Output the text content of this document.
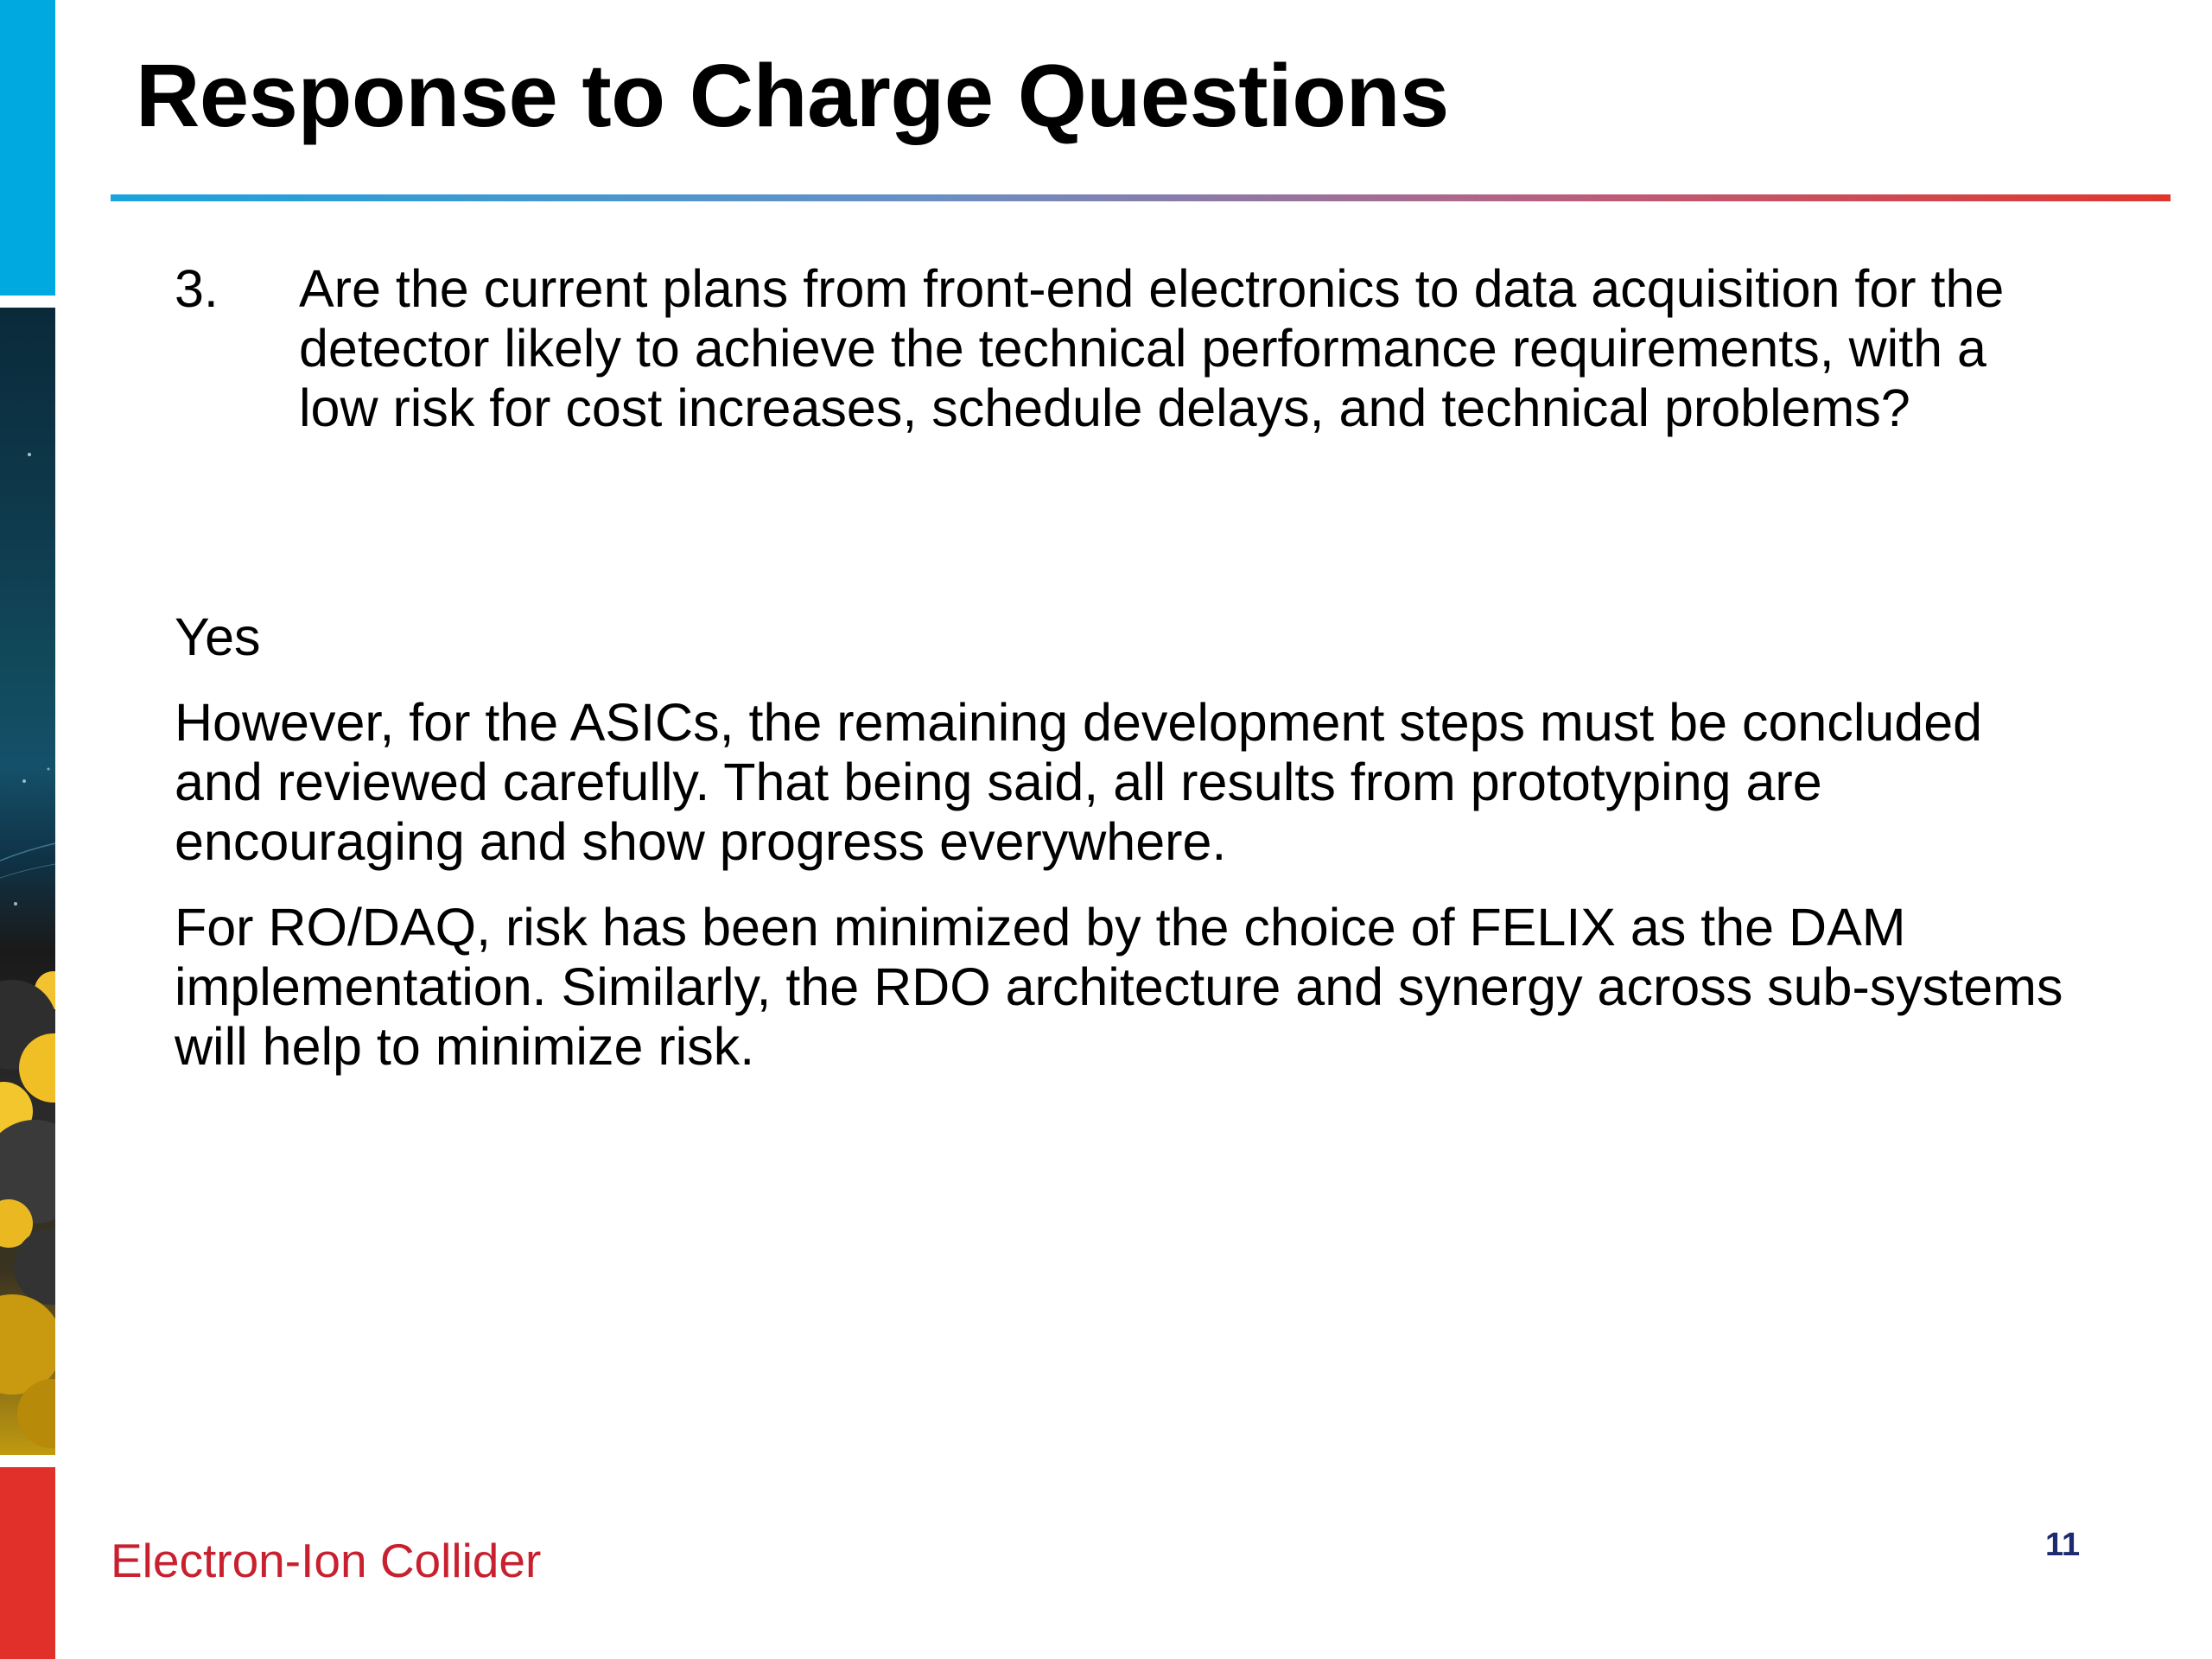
Response to Charge Questions
3. Are the current plans from front-end electronics to data acquisition for the detector likely to achieve the technical performance requirements, with a low risk for cost increases, schedule delays, and technical problems?

Yes

However, for the ASICs, the remaining development steps must be concluded and reviewed carefully. That being said, all results from prototyping are encouraging and show progress everywhere.

For RO/DAQ, risk has been minimized by the choice of FELIX as the DAM implementation. Similarly, the RDO architecture and synergy across sub-systems will help to minimize risk.

Electron-Ion Collider	11
